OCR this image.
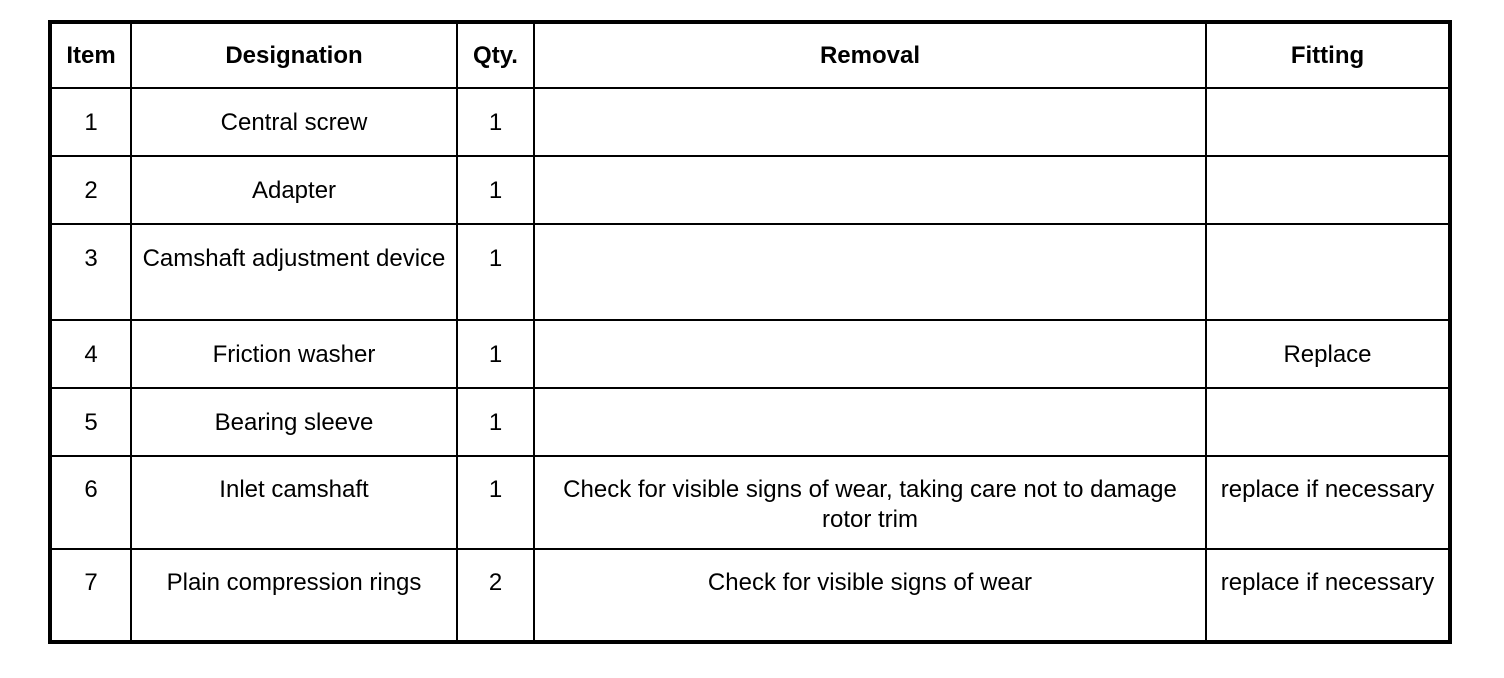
Item	Designation	Qty.	Removal	Fitting
1	Central screw	1		
2	Adapter	1		
3	Camshaft adjustment device	1		
4	Friction washer	1		Replace
5	Bearing sleeve	1		
6	Inlet camshaft	1	Check for visible signs of wear, taking care not to damage rotor trim	replace if necessary
7	Plain compression rings	2	Check for visible signs of wear	replace if necessary
